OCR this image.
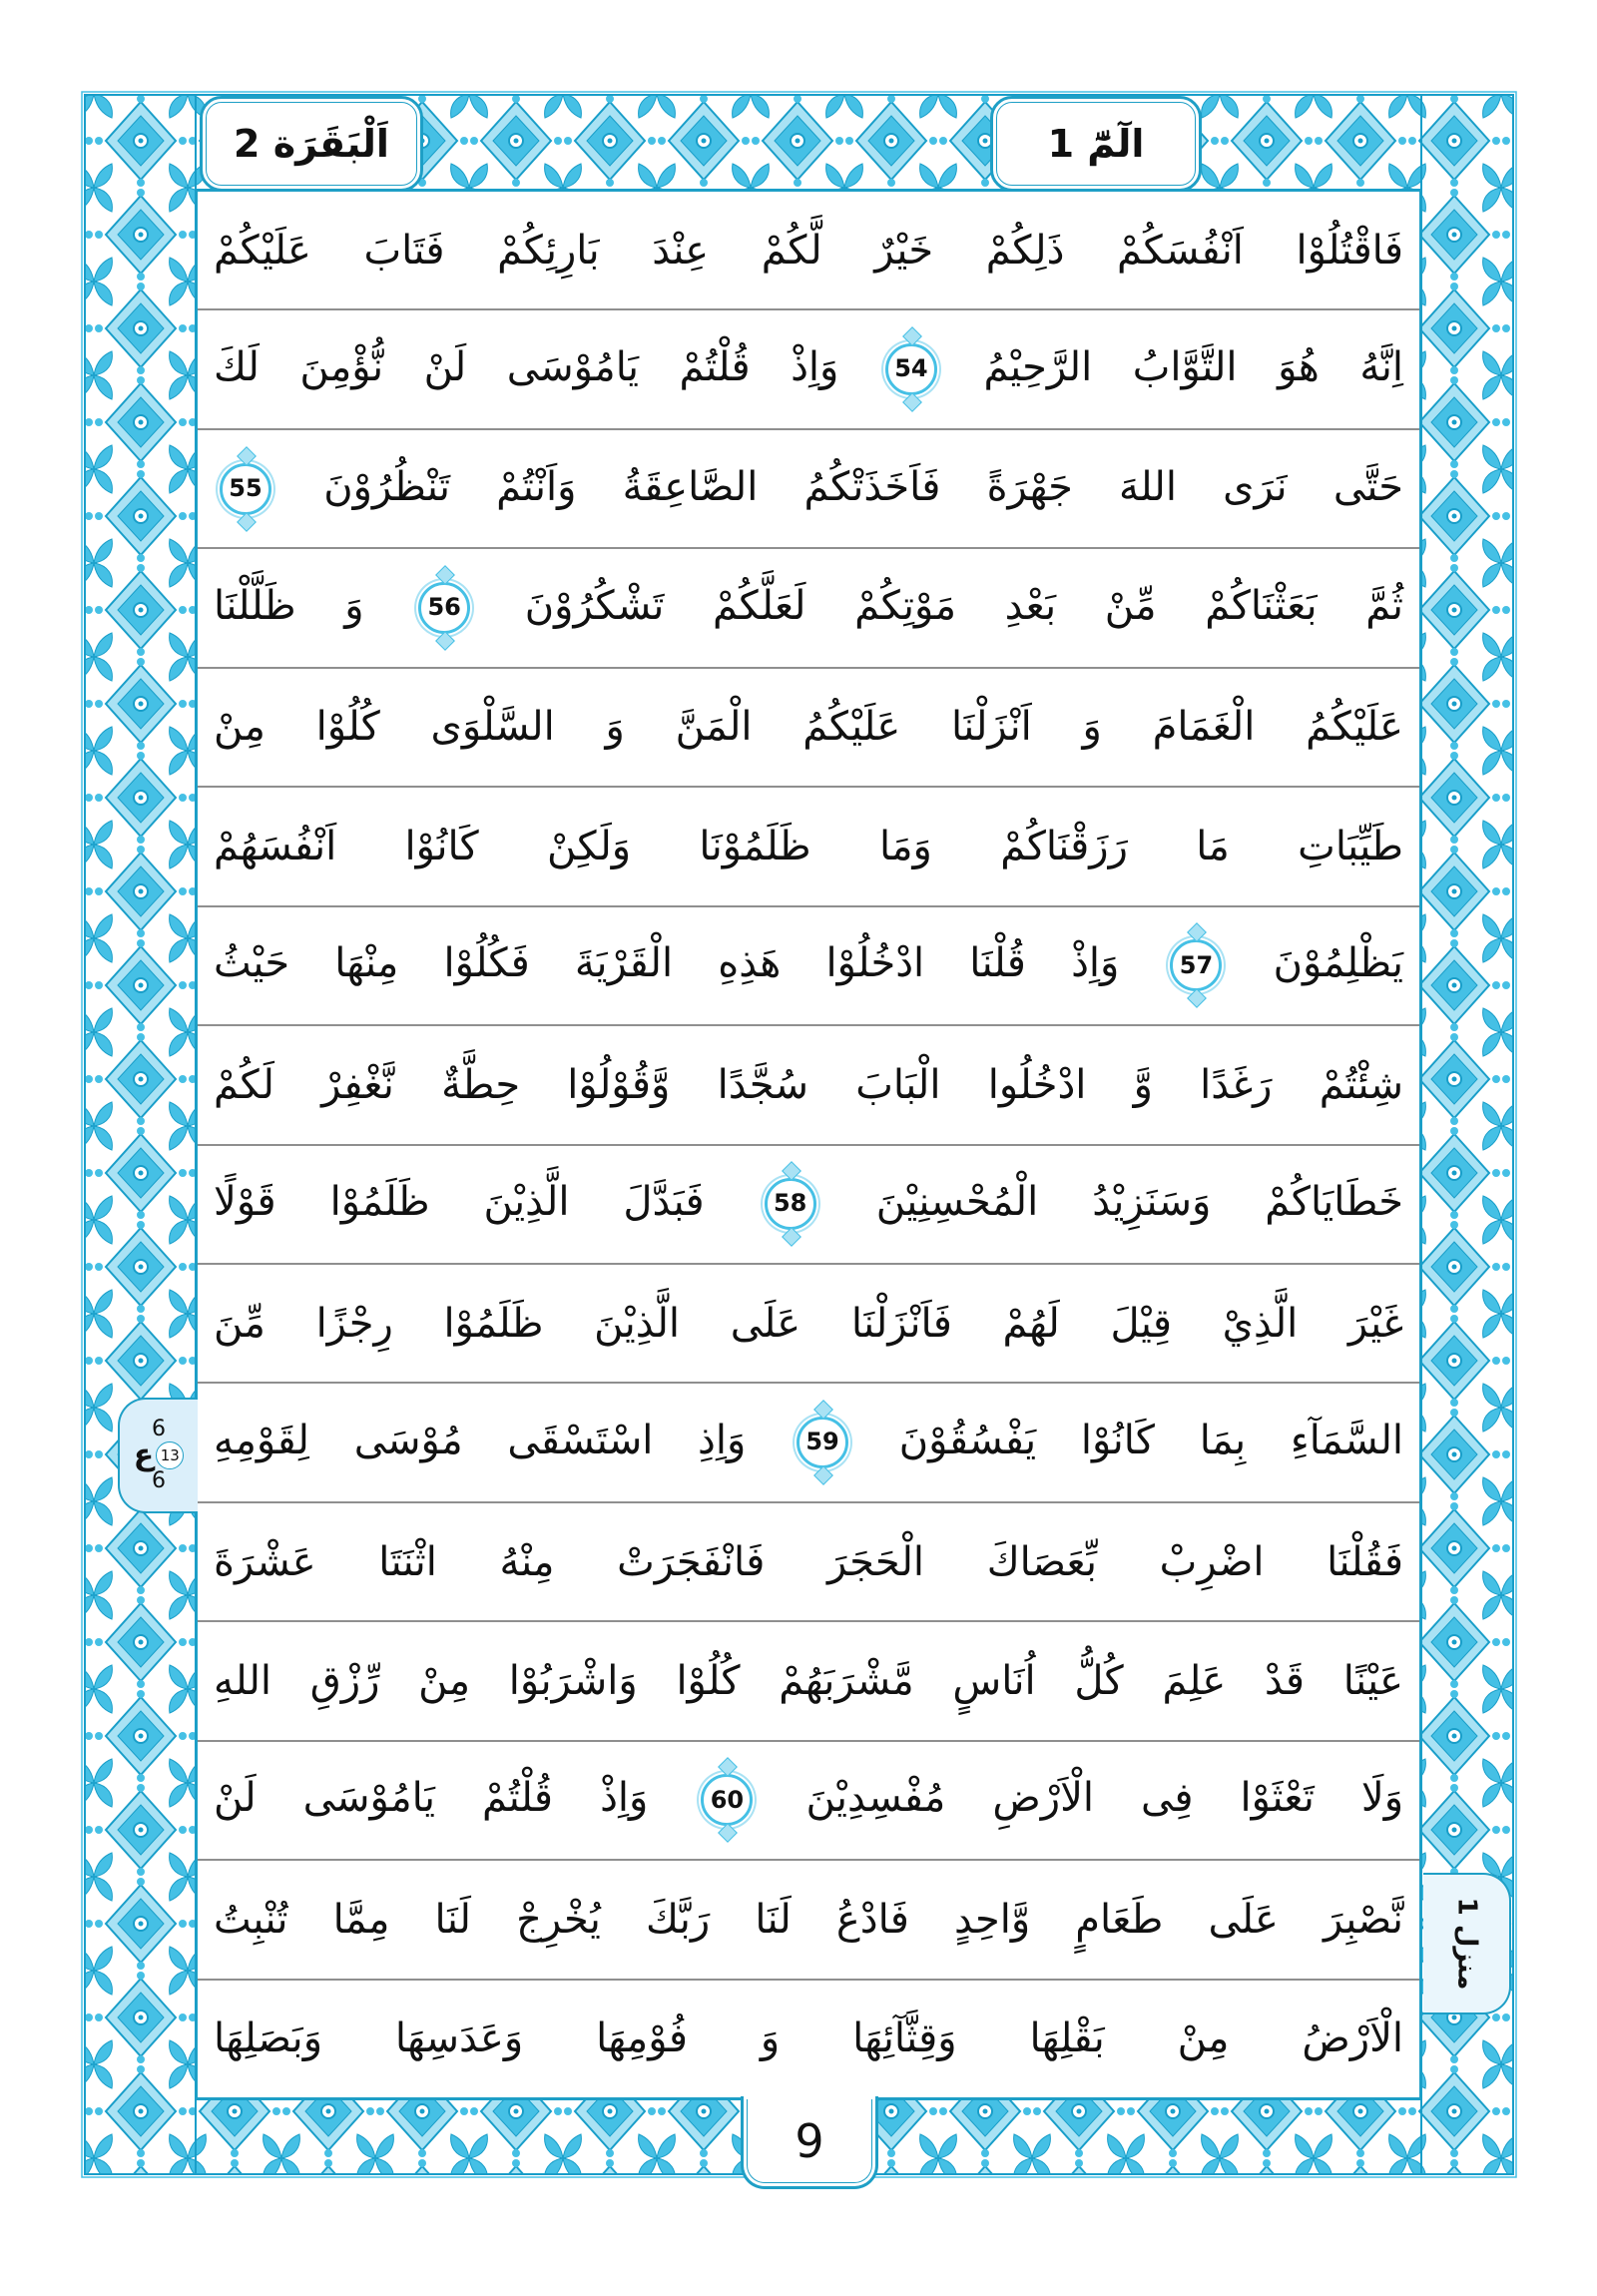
اَلْبَقَرَة 2	الٓمّٓ 1

فَاقْتُلُوْا اَنْفُسَكُمْ ذَلِكُمْ خَيْرٌ لَّكُمْ عِنْدَ بَارِئِكُمْ فَتَابَ عَلَيْكُمْ

اِنَّهُ هُوَ التَّوَّابُ الرَّحِيْمُ 54 وَاِذْ قُلْتُمْ يَامُوْسَى لَنْ نُّؤْمِنَ لَكَ

حَتَّى نَرَى اللهَ جَهْرَةً فَاَخَذَتْكُمُ الصَّاعِقَةُ وَاَنْتُمْ تَنْظُرُوْنَ 55

ثُمَّ بَعَثْنَاكُمْ مِّنْ بَعْدِ مَوْتِكُمْ لَعَلَّكُمْ تَشْكُرُوْنَ 56 وَ ظَلَّلْنَا

عَلَيْكُمُ الْغَمَامَ وَ اَنْزَلْنَا عَلَيْكُمُ الْمَنَّ وَ السَّلْوَى كُلُوْا مِنْ

طَيِّبَاتِ مَا رَزَقْنَاكُمْ وَمَا ظَلَمُوْنَا وَلَكِنْ كَانُوْا اَنْفُسَهُمْ

يَظْلِمُوْنَ 57 وَاِذْ قُلْنَا ادْخُلُوْا هَذِهِ الْقَرْيَةَ فَكُلُوْا مِنْهَا حَيْثُ

شِئْتُمْ رَغَدًا وَّ ادْخُلُوا الْبَابَ سُجَّدًا وَّقُوْلُوْا حِطَّةٌ نَّغْفِرْ لَكُمْ

خَطَايَاكُمْ وَسَنَزِيْدُ الْمُحْسِنِيْنَ 58 فَبَدَّلَ الَّذِيْنَ ظَلَمُوْا قَوْلًا

غَيْرَ الَّذِيْ قِيْلَ لَهُمْ فَاَنْزَلْنَا عَلَى الَّذِيْنَ ظَلَمُوْا رِجْزًا مِّنَ

السَّمَآءِ بِمَا كَانُوْا يَفْسُقُوْنَ 59 وَاِذِ اسْتَسْقَى مُوْسَى لِقَوْمِهِ

فَقُلْنَا اضْرِبْ بِّعَصَاكَ الْحَجَرَ فَانْفَجَرَتْ مِنْهُ اثْنَتَا عَشْرَةَ

عَيْنًا قَدْ عَلِمَ كُلُّ اُنَاسٍ مَّشْرَبَهُمْ كُلُوْا وَاشْرَبُوْا مِنْ رِّزْقِ اللهِ

وَلَا تَعْثَوْا فِى الْاَرْضِ مُفْسِدِيْنَ 60 وَاِذْ قُلْتُمْ يَامُوْسَى لَنْ

نَّصْبِرَ عَلَى طَعَامٍ وَّاحِدٍ فَادْعُ لَنَا رَبَّكَ يُخْرِجْ لَنَا مِمَّا تُنْبِتُ

الْاَرْضُ مِنْ بَقْلِهَا وَقِثَّآئِهَا وَ فُوْمِهَا وَعَدَسِهَا وَبَصَلِهَا

6
ع 13
6
منزل 1
9
